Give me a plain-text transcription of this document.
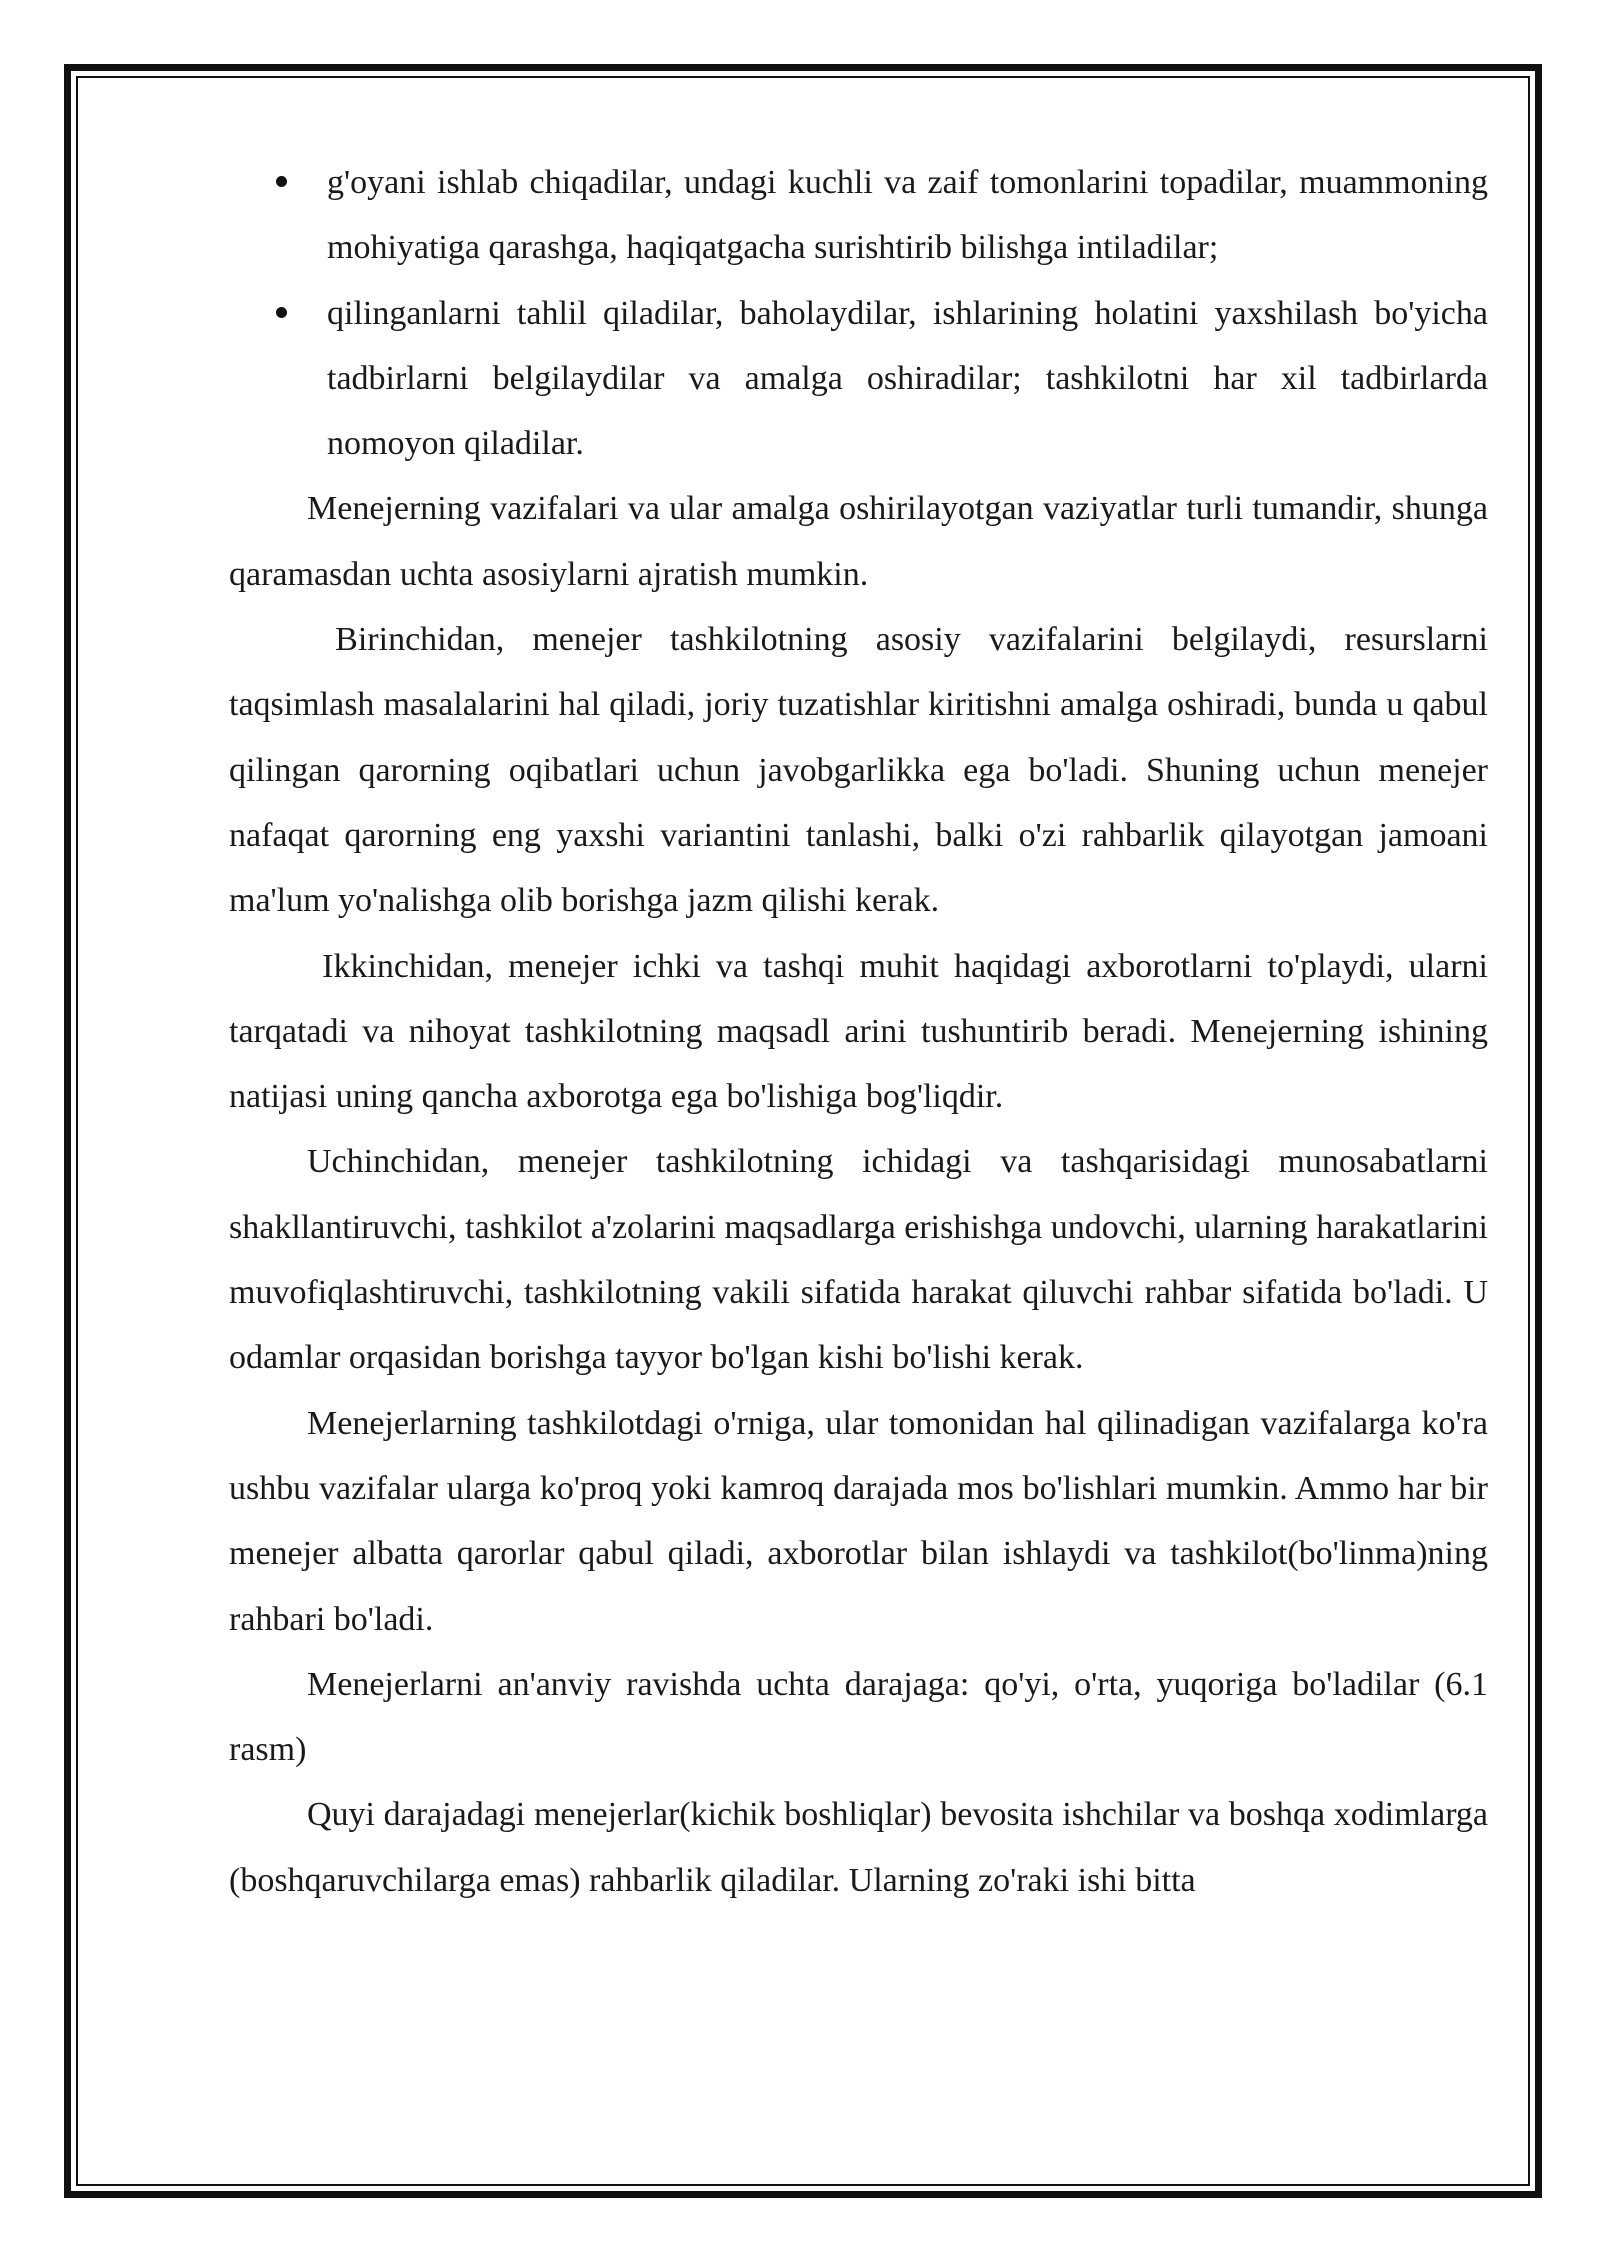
g'oyani ishlab chiqadilar, undagi kuchli va zaif tomonlarini topadilar, muammoning mohiyatiga qarashga, haqiqatgacha surishtirib bilishga intiladilar;
qilinganlarni tahlil qiladilar, baholaydilar, ishlarining holatini yaxshilash bo'yicha tadbirlarni belgilaydilar va amalga oshiradilar; tashkilotni har xil tadbirlarda nomoyon qiladilar.

Menejerning vazifalari va ular amalga oshirilayotgan vaziyatlar turli tumandir, shunga qaramasdan uchta asosiylarni ajratish mumkin.

Birinchidan, menejer tashkilotning asosiy vazifalarini belgilaydi, resurslarni taqsimlash masalalarini hal qiladi, joriy tuzatishlar kiritishni amalga oshiradi, bunda u qabul qilingan qarorning oqibatlari uchun javobgarlikka ega bo'ladi. Shuning uchun menejer nafaqat qarorning eng yaxshi variantini tanlashi, balki o'zi rahbarlik qilayotgan jamoani ma'lum yo'nalishga olib borishga jazm qilishi kerak.

Ikkinchidan, menejer ichki va tashqi muhit haqidagi axborotlarni to'playdi, ularni tarqatadi va nihoyat tashkilotning maqsadl arini tushuntirib beradi. Menejerning ishining natijasi uning qancha axborotga ega bo'lishiga bog'liqdir.

Uchinchidan, menejer tashkilotning ichidagi va tashqarisidagi munosabatlarni shakllantiruvchi, tashkilot a'zolarini maqsadlarga erishishga undovchi, ularning harakatlarini muvofiqlashtiruvchi, tashkilotning vakili sifatida harakat qiluvchi rahbar sifatida bo'ladi. U odamlar orqasidan borishga tayyor bo'lgan kishi bo'lishi kerak.

Menejerlarning tashkilotdagi o'rniga, ular tomonidan hal qilinadigan vazifalarga ko'ra ushbu vazifalar ularga ko'proq yoki kamroq darajada mos bo'lishlari mumkin. Ammo har bir menejer albatta qarorlar qabul qiladi, axborotlar bilan ishlaydi va tashkilot(bo'linma)ning rahbari bo'ladi.

Menejerlarni an'anviy ravishda uchta darajaga: qo'yi, o'rta, yuqoriga bo'ladilar (6.1 rasm)

Quyi darajadagi menejerlar(kichik boshliqlar) bevosita ishchilar va boshqa xodimlarga (boshqaruvchilarga emas) rahbarlik qiladilar. Ularning zo'raki ishi bitta
